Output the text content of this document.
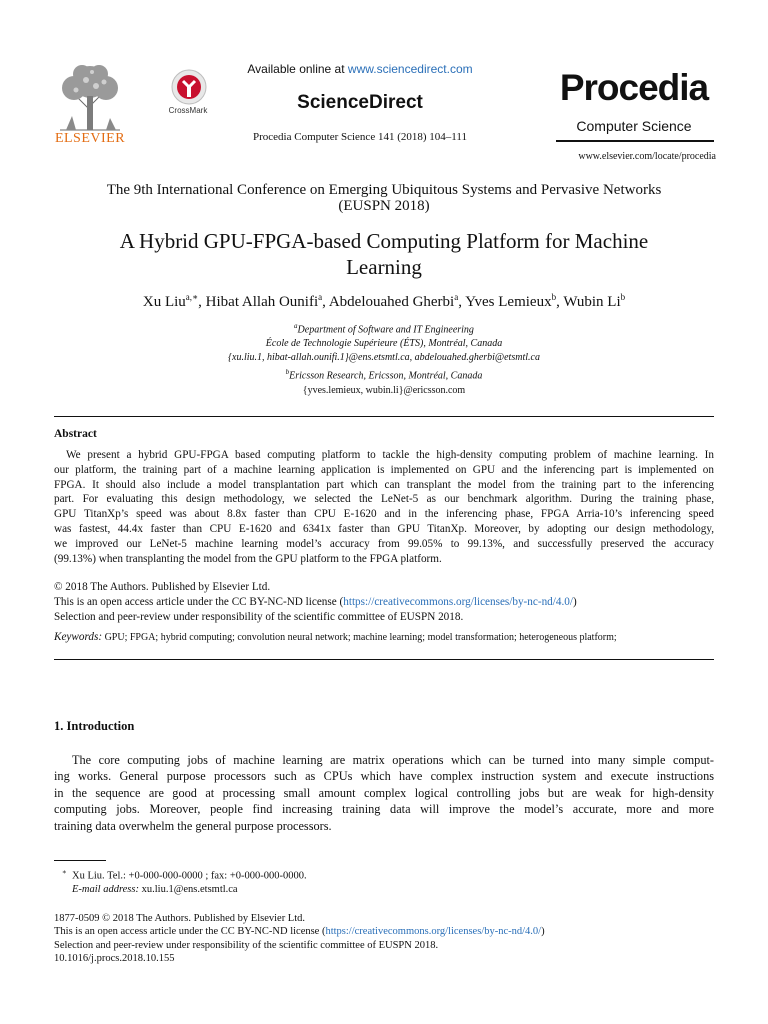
ELSEVIER
CrossMark
Available online at www.sciencedirect.com
ScienceDirect
Procedia Computer Science 141 (2018) 104–111
Procedia
Computer Science
www.elsevier.com/locate/procedia
The 9th International Conference on Emerging Ubiquitous Systems and Pervasive Networks
(EUSPN 2018)
A Hybrid GPU-FPGA-based Computing Platform for Machine
Learning
Xu Liu$^{a,∗}$, Hibat Allah Ounifi$^a$, Abdelouahed Gherbi$^a$, Yves Lemieux$^b$, Wubin Li$^b$
$^a$Department of Software and IT Engineering
École de Technologie Supérieure (ÉTS), Montréal, Canada
{xu.liu.1, hibat-allah.ounifi.1}@ens.etsmtl.ca, abdelouahed.gherbi@etsmtl.ca
$^b$Ericsson Research, Ericsson, Montréal, Canada
{yves.lemieux, wubin.li}@ericsson.com
Abstract
We present a hybrid GPU-FPGA based computing platform to tackle the high-density computing problem of machine learning. In
our platform, the training part of a machine learning application is implemented on GPU and the inferencing part is implemented on
FPGA. It should also include a model transplantation part which can transplant the model from the training part to the inferencing
part. For evaluating this design methodology, we selected the LeNet-5 as our benchmark algorithm. During the training phase,
GPU TitanXp’s speed was about 8.8x faster than CPU E-1620 and in the inferencing phase, FPGA Arria-10’s inferencing speed
was fastest, 44.4x faster than CPU E-1620 and 6341x faster than GPU TitanXp. Moreover, by adopting our design methodology,
we improved our LeNet-5 machine learning model’s accuracy from 99.05% to 99.13%, and successfully preserved the accuracy
(99.13%) when transplanting the model from the GPU platform to the FPGA platform.
© 2018 The Authors. Published by Elsevier Ltd.
This is an open access article under the CC BY-NC-ND license (https://creativecommons.org/licenses/by-nc-nd/4.0/)
Selection and peer-review under responsibility of the scientific committee of EUSPN 2018.
Keywords: GPU; FPGA; hybrid computing; convolution neural network; machine learning; model transformation; heterogeneous platform;
1. Introduction
The core computing jobs of machine learning are matrix operations which can be turned into many simple comput-
ing works. General purpose processors such as CPUs which have complex instruction system and execute instructions
in the sequence are good at processing small amount complex logical controlling jobs but are weak for high-density
computing jobs. Moreover, people find increasing training data will improve the model’s accurate, more and more
training data overwhelm the general purpose processors.
∗ Xu Liu. Tel.: +0-000-000-0000 ; fax: +0-000-000-0000.
E-mail address: xu.liu.1@ens.etsmtl.ca
1877-0509 © 2018 The Authors. Published by Elsevier Ltd.
This is an open access article under the CC BY-NC-ND license (https://creativecommons.org/licenses/by-nc-nd/4.0/)
Selection and peer-review under responsibility of the scientific committee of EUSPN 2018.
10.1016/j.procs.2018.10.155
